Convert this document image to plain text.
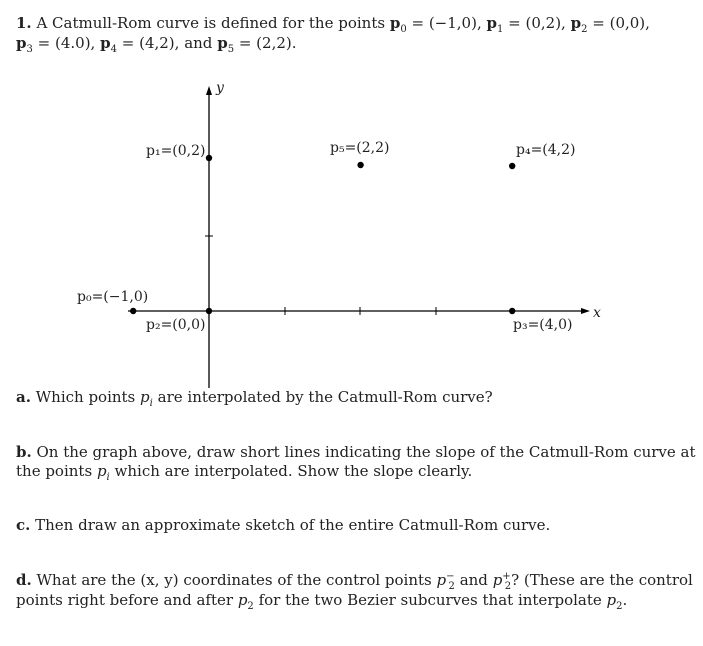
1. A Catmull-Rom curve is defined for the points $p_0 = (-1,0)$, $p_1 = (0,2)$, $p_2 = (0,0)$,
$p_3 = (4.0)$, $p_4 = (4,2)$, and $p_5 = (2,2)$.
y
x
p₁=(0,2)	p₅=(2,2)	p₄=(4,2)
p₀=(−1,0)
p₂=(0,0)	p₃=(4,0)
a. Which points $p_i$ are interpolated by the Catmull-Rom curve?
b. On the graph above, draw short lines indicating the slope of the Catmull-Rom curve at
the points $p_i$ which are interpolated. Show the slope clearly.
c. Then draw an approximate sketch of the entire Catmull-Rom curve.
d. What are the (x, y) coordinates of the control points $p^-_2$ and $p^+_2$? (These are the control
points right before and after $p_2$ for the two Bezier subcurves that interpolate $p_2$.
